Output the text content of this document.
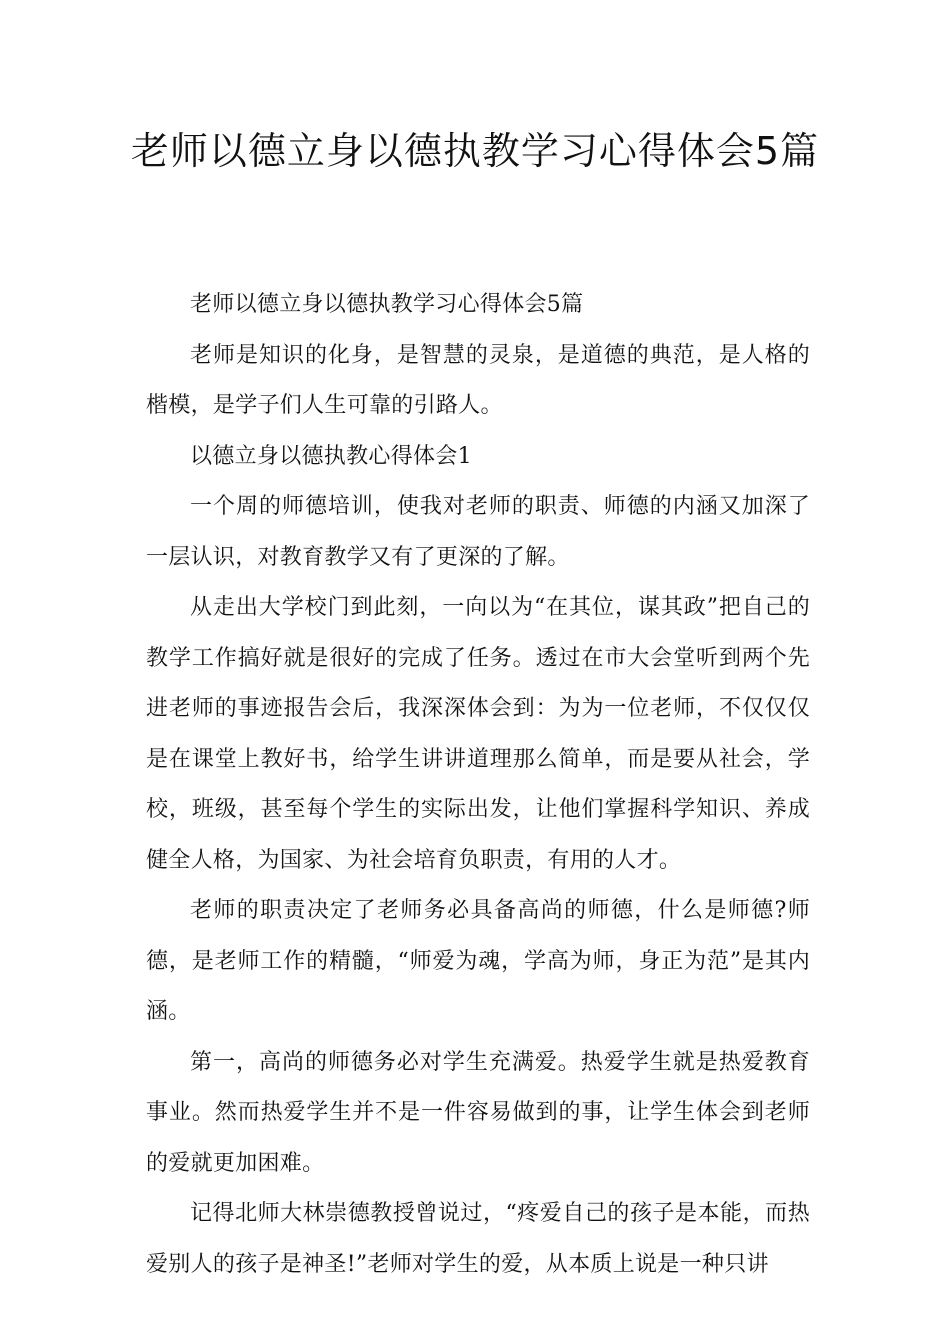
老师以德立身以德执教学习心得体会5篇

老师以德立身以德执教学习心得体会5篇

老师是知识的化身，是智慧的灵泉，是道德的典范，是人格的楷模，是学子们人生可靠的引路人。

以德立身以德执教心得体会1

一个周的师德培训，使我对老师的职责、师德的内涵又加深了一层认识，对教育教学又有了更深的了解。

从走出大学校门到此刻，一向以为“在其位，谋其政”把自己的教学工作搞好就是很好的完成了任务。透过在市大会堂听到两个先进老师的事迹报告会后，我深深体会到：为为一位老师，不仅仅仅是在课堂上教好书，给学生讲讲道理那么简单，而是要从社会，学校，班级，甚至每个学生的实际出发，让他们掌握科学知识、养成健全人格，为国家、为社会培育负职责，有用的人才。

老师的职责决定了老师务必具备高尚的师德，什么是师德?师德，是老师工作的精髓，“师爱为魂，学高为师，身正为范”是其内涵。

第一，高尚的师德务必对学生充满爱。热爱学生就是热爱教育事业。然而热爱学生并不是一件容易做到的事，让学生体会到老师的爱就更加困难。

记得北师大林崇德教授曾说过，“疼爱自己的孩子是本能，而热爱别人的孩子是神圣!”老师对学生的爱，从本质上说是一种只讲
